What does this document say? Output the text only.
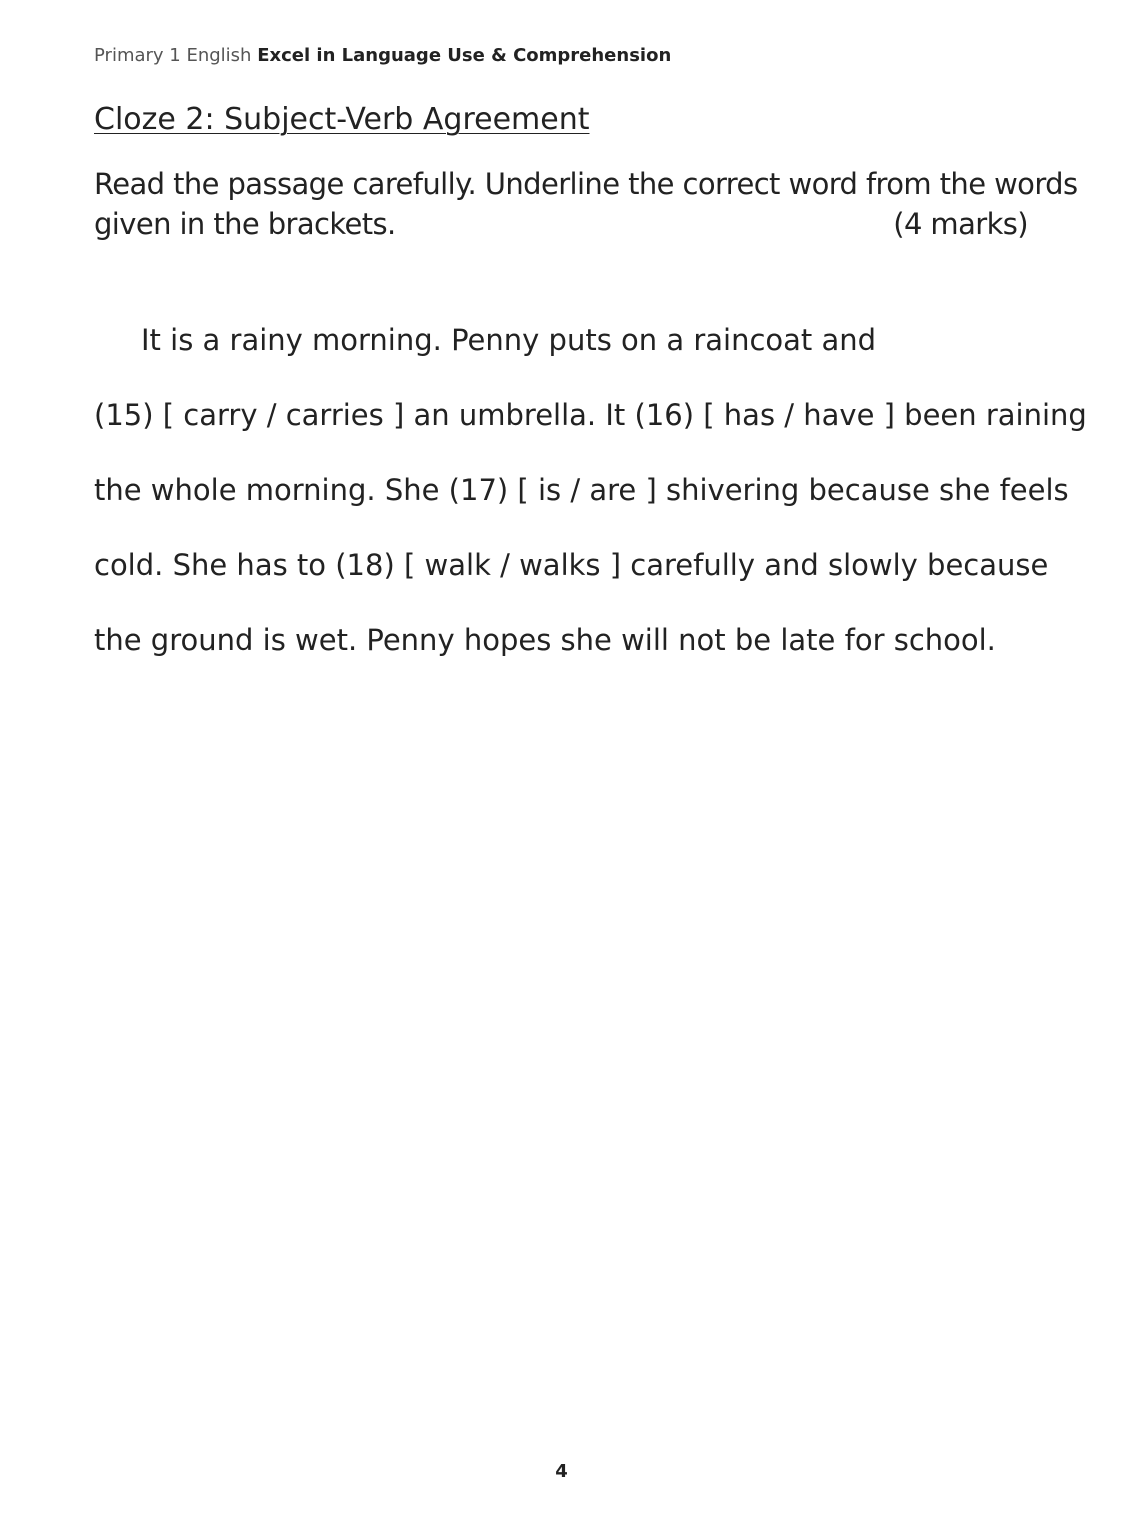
Primary 1 English Excel in Language Use & Comprehension
Cloze 2: Subject-Verb Agreement
Read the passage carefully. Underline the correct word from the words
given in the brackets.	(4 marks)
It is a rainy morning. Penny puts on a raincoat and
(15) [ carry / carries ] an umbrella. It (16) [ has / have ] been raining
the whole morning. She (17) [ is / are ] shivering because she feels
cold. She has to (18) [ walk / walks ] carefully and slowly because
the ground is wet. Penny hopes she will not be late for school.
4
